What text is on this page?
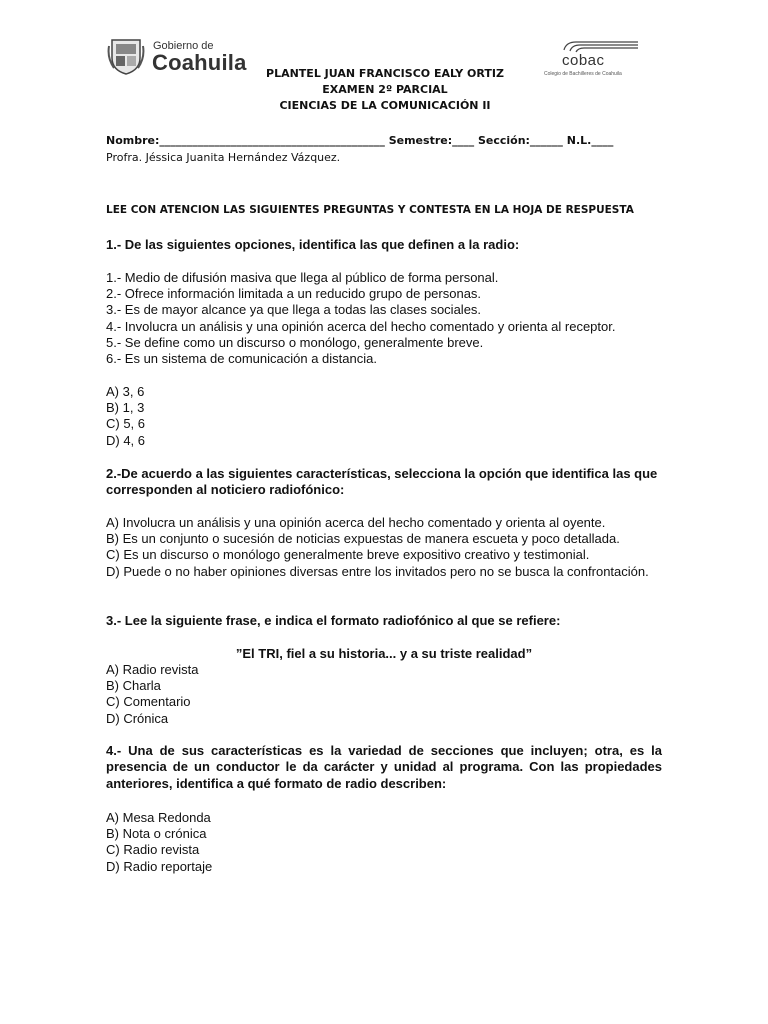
Gobierno de
Coahuila	cobac
Colegio de Bachilleres de Coahuila
PLANTEL JUAN FRANCISCO EALY ORTIZ
EXAMEN 2º PARCIAL
CIENCIAS DE LA COMUNICACIÓN II
Nombre:_________________________________________ Semestre:____ Sección:______ N.L.____
Profra. Jéssica Juanita Hernández Vázquez.
LEE CON ATENCION LAS SIGUIENTES PREGUNTAS Y CONTESTA EN LA HOJA DE RESPUESTA
1.- De las siguientes opciones, identifica las que definen a la radio:
1.- Medio de difusión masiva que llega al público de forma personal.
2.- Ofrece información limitada a un reducido grupo de personas.
3.- Es de mayor alcance ya que llega a todas las clases sociales.
4.- Involucra un análisis y una opinión acerca del hecho comentado y orienta al receptor.
5.- Se define como un discurso o monólogo, generalmente breve.
6.- Es un sistema de comunicación a distancia.
A) 3, 6
B) 1, 3
C) 5, 6
D) 4, 6
2.-De acuerdo a las siguientes características, selecciona la opción que identifica las que corresponden al noticiero radiofónico:
A) Involucra un análisis y una opinión acerca del hecho comentado y orienta al oyente.
B) Es un conjunto o sucesión de noticias expuestas de manera escueta y poco detallada.
C) Es un discurso o monólogo generalmente breve expositivo creativo y testimonial.
D) Puede o no haber opiniones diversas entre los invitados pero no se busca la confrontación.
3.- Lee la siguiente frase, e indica el formato radiofónico al que se refiere:
”El TRI, fiel a su historia... y a su triste realidad”
A) Radio revista
B) Charla
C) Comentario
D) Crónica
4.- Una de sus características es la variedad de secciones que incluyen; otra, es la presencia de un conductor le da carácter y unidad al programa. Con las propiedades anteriores, identifica a qué formato de radio describen:
A) Mesa Redonda
B) Nota o crónica
C) Radio revista
D) Radio reportaje
